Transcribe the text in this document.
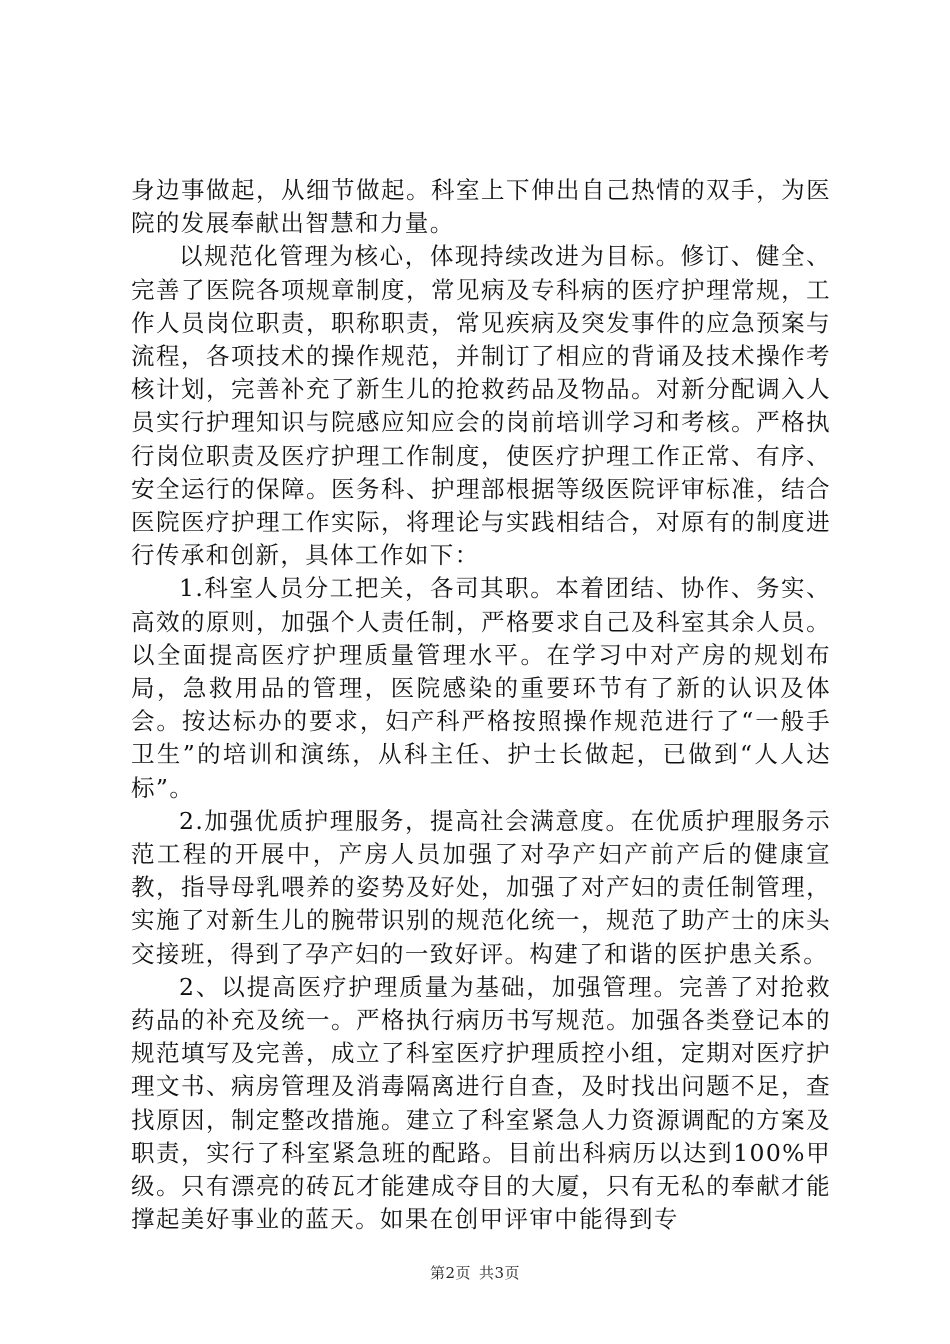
身边事做起，从细节做起。科室上下伸出自己热情的双手，为医院的发展奉献出智慧和力量。

以规范化管理为核心，体现持续改进为目标。修订、健全、完善了医院各项规章制度，常见病及专科病的医疗护理常规，工作人员岗位职责，职称职责，常见疾病及突发事件的应急预案与流程，各项技术的操作规范，并制订了相应的背诵及技术操作考核计划，完善补充了新生儿的抢救药品及物品。对新分配调入人员实行护理知识与院感应知应会的岗前培训学习和考核。严格执行岗位职责及医疗护理工作制度，使医疗护理工作正常、有序、安全运行的保障。医务科、护理部根据等级医院评审标准，结合医院医疗护理工作实际，将理论与实践相结合，对原有的制度进行传承和创新，具体工作如下：

1.科室人员分工把关，各司其职。本着团结、协作、务实、高效的原则，加强个人责任制，严格要求自己及科室其余人员。以全面提高医疗护理质量管理水平。在学习中对产房的规划布局，急救用品的管理，医院感染的重要环节有了新的认识及体会。按达标办的要求，妇产科严格按照操作规范进行了“一般手卫生”的培训和演练，从科主任、护士长做起，已做到“人人达标”。

2.加强优质护理服务，提高社会满意度。在优质护理服务示范工程的开展中，产房人员加强了对孕产妇产前产后的健康宣教，指导母乳喂养的姿势及好处，加强了对产妇的责任制管理，实施了对新生儿的腕带识别的规范化统一，规范了助产士的床头交接班，得到了孕产妇的一致好评。构建了和谐的医护患关系。

2、以提高医疗护理质量为基础，加强管理。完善了对抢救药品的补充及统一。严格执行病历书写规范。加强各类登记本的规范填写及完善，成立了科室医疗护理质控小组，定期对医疗护理文书、病房管理及消毒隔离进行自查，及时找出问题不足，查找原因，制定整改措施。建立了科室紧急人力资源调配的方案及职责，实行了科室紧急班的配路。目前出科病历以达到100%甲级。只有漂亮的砖瓦才能建成夺目的大厦，只有无私的奉献才能撑起美好事业的蓝天。如果在创甲评审中能得到专

第2页 共3页
